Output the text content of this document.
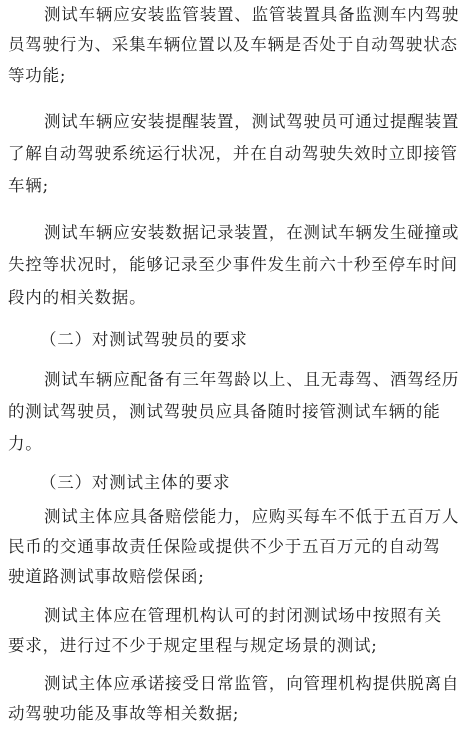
测试车辆应安装监管装置、监管装置具备监测车内驾驶
员驾驶行为、采集车辆位置以及车辆是否处于自动驾驶状态
等功能;
测试车辆应安装提醒装置，测试驾驶员可通过提醒装置
了解自动驾驶系统运行状况，并在自动驾驶失效时立即接管
车辆;
测试车辆应安装数据记录装置，在测试车辆发生碰撞或
失控等状况时，能够记录至少事件发生前六十秒至停车时间
段内的相关数据。
（二）对测试驾驶员的要求
测试车辆应配备有三年驾龄以上、且无毒驾、酒驾经历
的测试驾驶员，测试驾驶员应具备随时接管测试车辆的能
力。
（三）对测试主体的要求
测试主体应具备赔偿能力，应购买每车不低于五百万人
民币的交通事故责任保险或提供不少于五百万元的自动驾
驶道路测试事故赔偿保函;
测试主体应在管理机构认可的封闭测试场中按照有关
要求，进行过不少于规定里程与规定场景的测试;
测试主体应承诺接受日常监管，向管理机构提供脱离自
动驾驶功能及事故等相关数据;
